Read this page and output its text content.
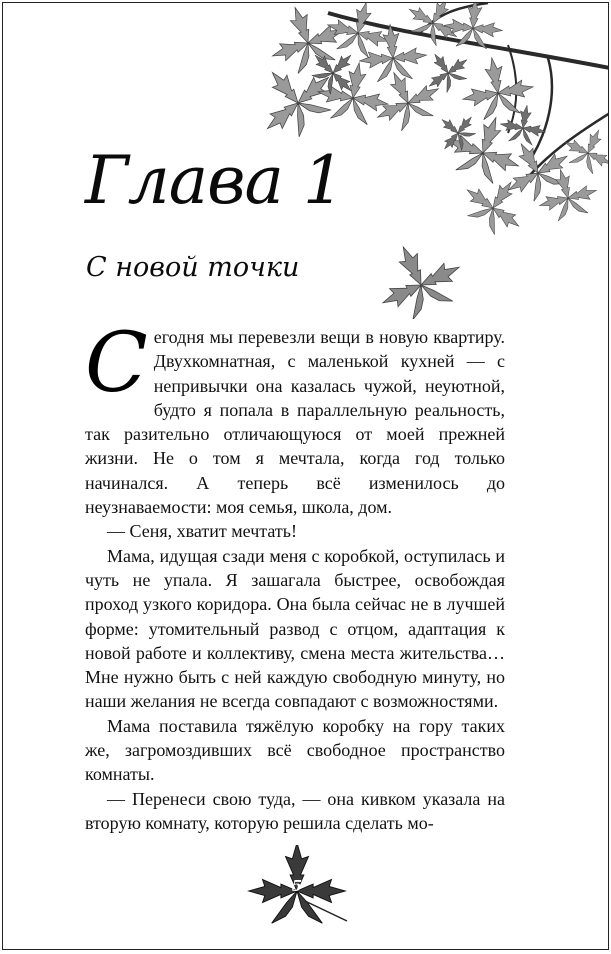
Глава 1
С новой точки

Сегодня мы перевезли вещи в новую квартиру. Двухкомнатная, с маленькой кухней — с непривычки она казалась чужой, неуютной, будто я попала в параллельную реальность, так разительно отличающуюся от моей прежней жизни. Не о том я мечтала, когда год только начинался. А теперь всё изменилось до неузнаваемости: моя семья, школа, дом.

— Сеня, хватит мечтать!

Мама, идущая сзади меня с коробкой, оступилась и чуть не упала. Я зашагала быстрее, освобождая проход узкого коридора. Она была сейчас не в лучшей форме: утомительный развод с отцом, адаптация к новой работе и коллективу, смена места жительства… Мне нужно быть с ней каждую свободную минуту, но наши желания не всегда совпадают с возможностями.

Мама поставила тяжёлую коробку на гору таких же, загромоздивших всё свободное пространство комнаты.

— Перенеси свою туда, — она кивком указала на вторую комнату, которую решила сделать мо-

5
